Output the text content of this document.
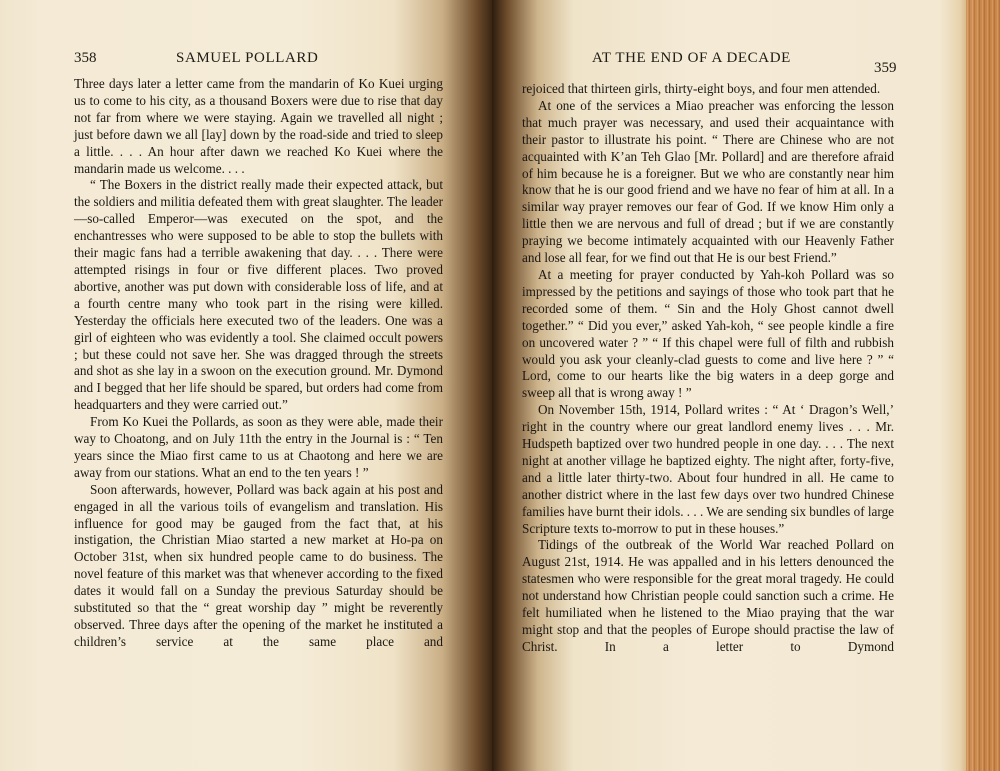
358	SAMUEL POLLARD

Three days later a letter came from the mandarin of Ko Kuei urging us to come to his city, as a thousand Boxers were due to rise that day not far from where we were staying. Again we travelled all night ; just before dawn we all [lay] down by the road-side and tried to sleep a little. . . . An hour after dawn we reached Ko Kuei where the mandarin made us welcome. . . .

“ The Boxers in the district really made their expected attack, but the soldiers and militia defeated them with great slaughter. The leader—so-called Emperor—was executed on the spot, and the enchantresses who were supposed to be able to stop the bullets with their magic fans had a terrible awakening that day. . . . There were attempted risings in four or five different places. Two proved abortive, another was put down with considerable loss of life, and at a fourth centre many who took part in the rising were killed. Yesterday the officials here executed two of the leaders. One was a girl of eighteen who was evidently a tool. She claimed occult powers ; but these could not save her. She was dragged through the streets and shot as she lay in a swoon on the execution ground. Mr. Dymond and I begged that her life should be spared, but orders had come from headquarters and they were carried out.”

From Ko Kuei the Pollards, as soon as they were able, made their way to Choatong, and on July 11th the entry in the Journal is : “ Ten years since the Miao first came to us at Chaotong and here we are away from our stations. What an end to the ten years ! ”

Soon afterwards, however, Pollard was back again at his post and engaged in all the various toils of evangelism and translation. His influence for good may be gauged from the fact that, at his instigation, the Christian Miao started a new market at Ho-pa on October 31st, when six hundred people came to do business. The novel feature of this market was that whenever according to the fixed dates it would fall on a Sunday the previous Saturday should be substituted so that the “ great worship day ” might be reverently observed. Three days after the opening of the market he instituted a children’s service at the same place and

AT THE END OF A DECADE
359

rejoiced that thirteen girls, thirty-eight boys, and four men attended.

At one of the services a Miao preacher was enforcing the lesson that much prayer was necessary, and used their acquaintance with their pastor to illustrate his point. “ There are Chinese who are not acquainted with K’an Teh Glao [Mr. Pollard] and are therefore afraid of him because he is a foreigner. But we who are constantly near him know that he is our good friend and we have no fear of him at all. In a similar way prayer removes our fear of God. If we know Him only a little then we are nervous and full of dread ; but if we are constantly praying we become intimately acquainted with our Heavenly Father and lose all fear, for we find out that He is our best Friend.”

At a meeting for prayer conducted by Yah-koh Pollard was so impressed by the petitions and sayings of those who took part that he recorded some of them. “ Sin and the Holy Ghost cannot dwell together.” “ Did you ever,” asked Yah-koh, “ see people kindle a fire on uncovered water ? ” “ If this chapel were full of filth and rubbish would you ask your cleanly-clad guests to come and live here ? ” “ Lord, come to our hearts like the big waters in a deep gorge and sweep all that is wrong away ! ”

On November 15th, 1914, Pollard writes : “ At ‘ Dragon’s Well,’ right in the country where our great landlord enemy lives . . . Mr. Hudspeth baptized over two hundred people in one day. . . . The next night at another village he baptized eighty. The night after, forty-five, and a little later thirty-two. About four hundred in all. He came to another district where in the last few days over two hundred Chinese families have burnt their idols. . . . We are sending six bundles of large Scripture texts to-morrow to put in these houses.”

Tidings of the outbreak of the World War reached Pollard on August 21st, 1914. He was appalled and in his letters denounced the statesmen who were responsible for the great moral tragedy. He could not understand how Christian people could sanction such a crime. He felt humiliated when he listened to the Miao praying that the war might stop and that the peoples of Europe should practise the law of Christ. In a letter to Dymond
